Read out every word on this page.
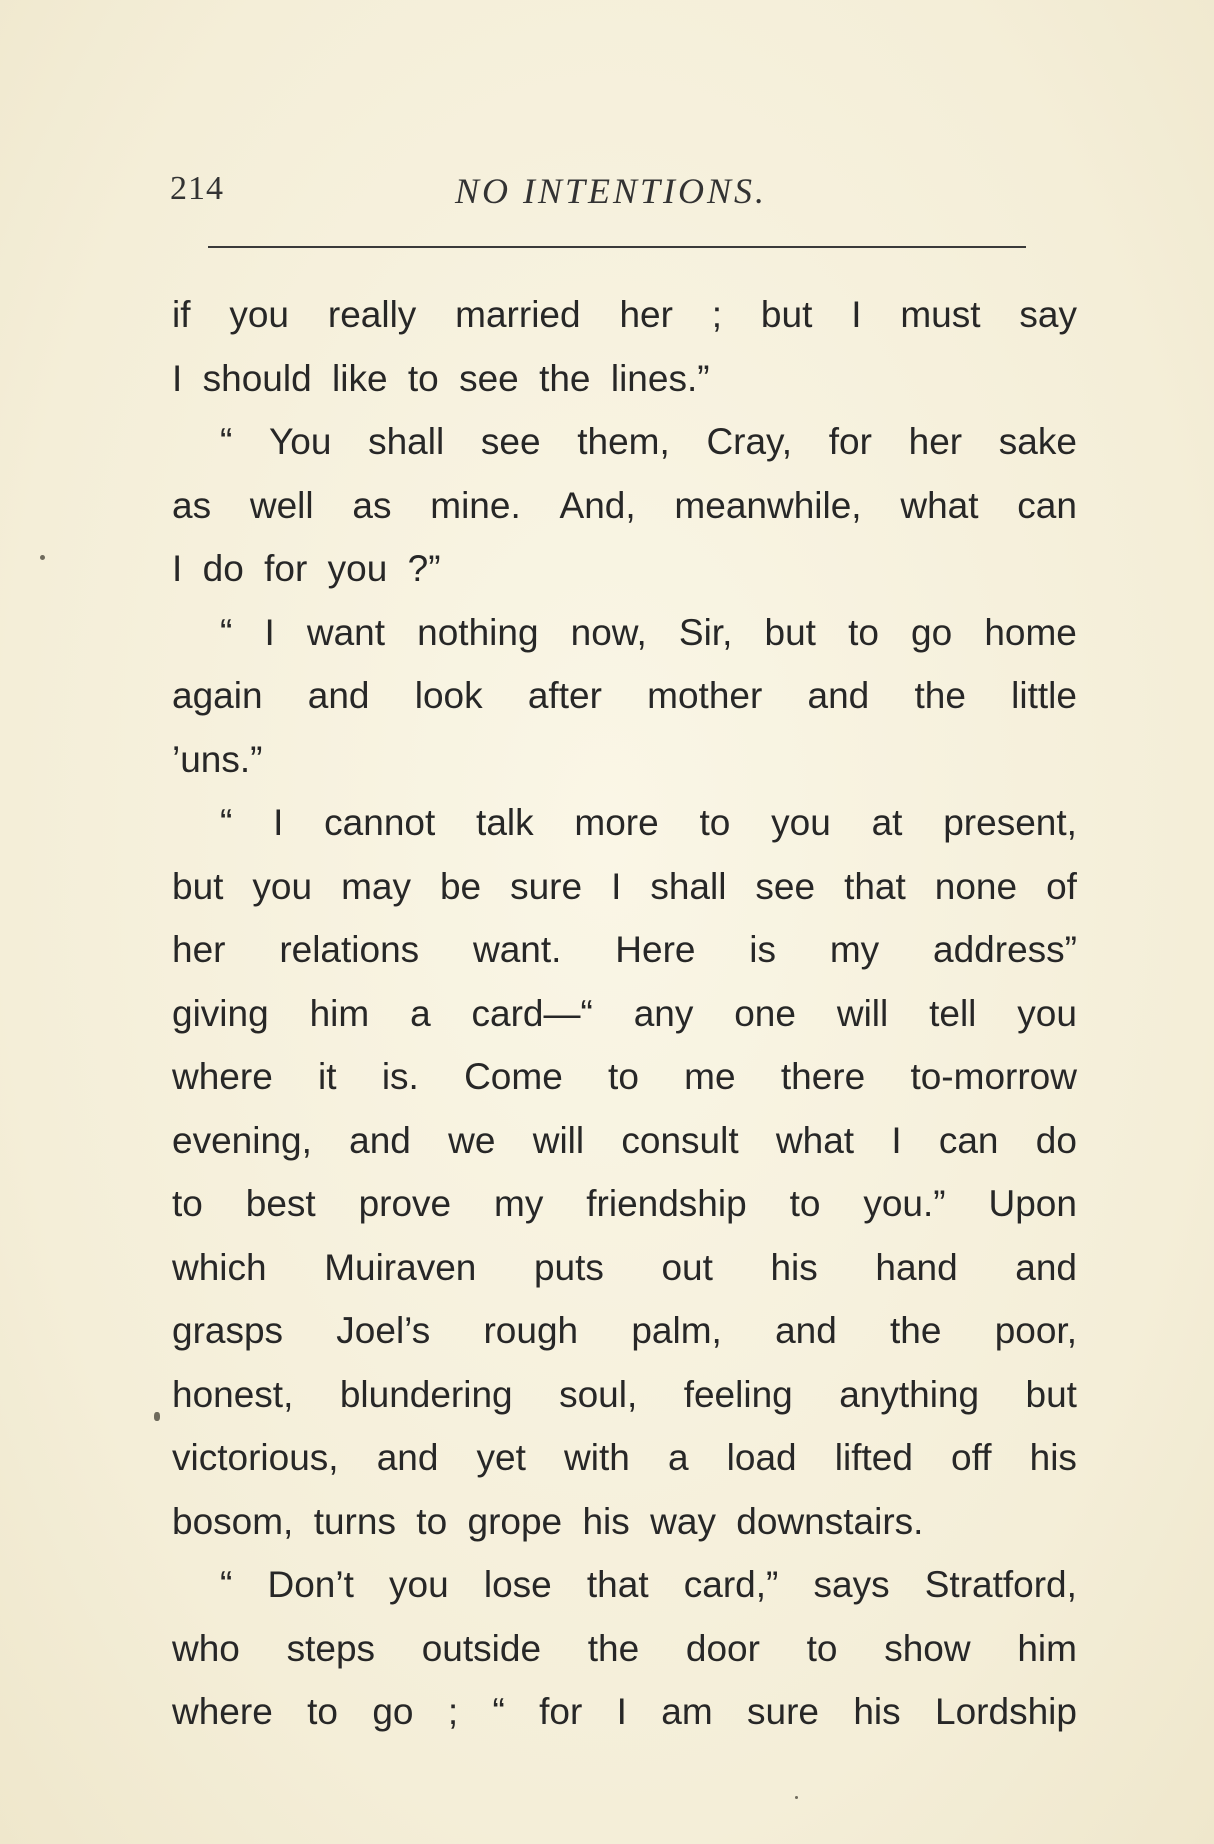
214	NO INTENTIONS.
if you really married her ; but I must say
I should like to see the lines.”
“ You shall see them, Cray, for her sake
as well as mine. And, meanwhile, what can
I do for you ?”
“ I want nothing now, Sir, but to go home
again and look after mother and the little
’uns.”
“ I cannot talk more to you at present,
but you may be sure I shall see that none of
her relations want. Here is my address”
giving him a card—“ any one will tell you
where it is. Come to me there to-morrow
evening, and we will consult what I can do
to best prove my friendship to you.” Upon
which Muiraven puts out his hand and
grasps Joel’s rough palm, and the poor,
honest, blundering soul, feeling anything but
victorious, and yet with a load lifted off his
bosom, turns to grope his way downstairs.
“ Don’t you lose that card,” says Stratford,
who steps outside the door to show him
where to go ; “ for I am sure his Lordship
